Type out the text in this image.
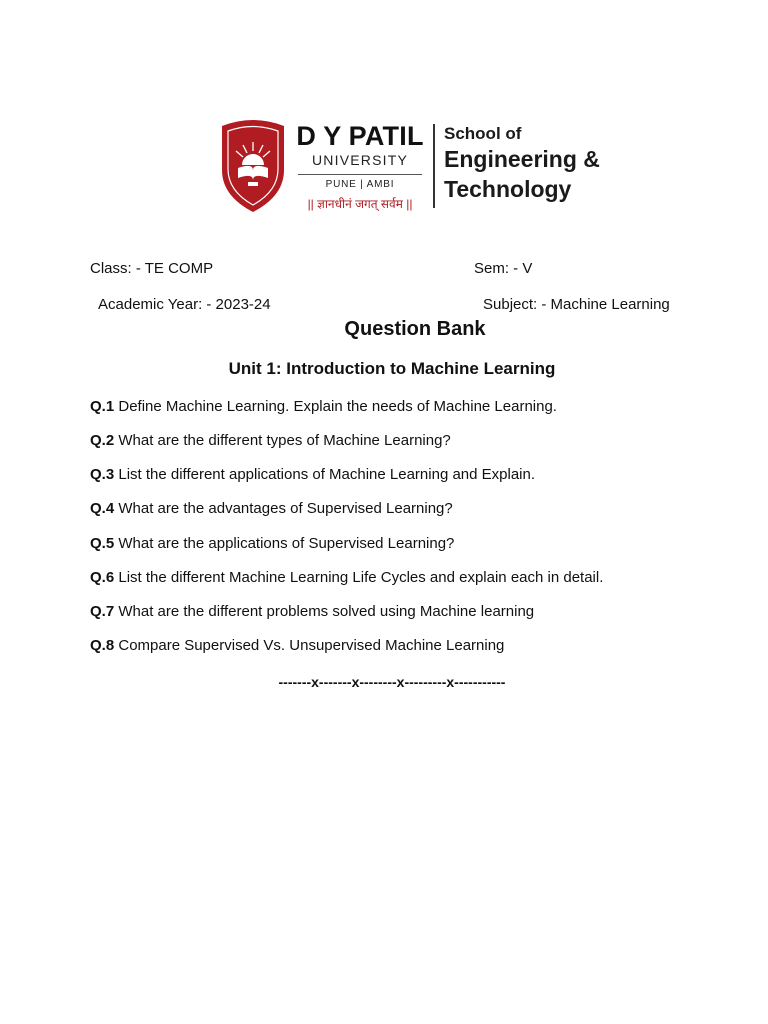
D Y PATIL
UNIVERSITY
PUNE | AMBI
|| ज्ञानधीनं जगत् सर्वम ||
School of
Engineering &
Technology
Class: - TE COMP	Sem: - V
Academic Year: - 2023-24	Subject: - Machine Learning
Question Bank
Unit 1: Introduction to Machine Learning
Q.1 Define Machine Learning. Explain the needs of Machine Learning.
Q.2 What are the different types of Machine Learning?
Q.3 List the different applications of Machine Learning and Explain.
Q.4 What are the advantages of Supervised Learning?
Q.5 What are the applications of Supervised Learning?
Q.6 List the different Machine Learning Life Cycles and explain each in detail.
Q.7 What are the different problems solved using Machine learning
Q.8 Compare Supervised Vs. Unsupervised Machine Learning
-------x-------x--------x---------x-----------
